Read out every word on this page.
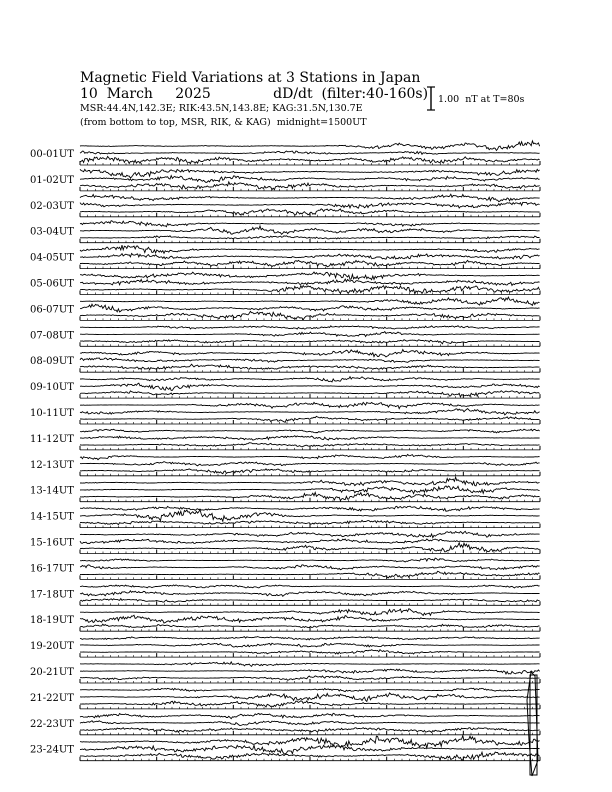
Magnetic Field Variations at 3 Stations in Japan
10  March     2025              dD/dt  (filter:40-160s)
MSR:44.4N,142.3E; RIK:43.5N,143.8E; KAG:31.5N,130.7E
(from bottom to top, MSR, RIK, & KAG)  midnight=1500UT
1.00  nT at T=80s
00-01UT
01-02UT
02-03UT
03-04UT
04-05UT
05-06UT
06-07UT
07-08UT
08-09UT
09-10UT
10-11UT
11-12UT
12-13UT
13-14UT
14-15UT
15-16UT
16-17UT
17-18UT
18-19UT
19-20UT
20-21UT
21-22UT
22-23UT
23-24UT
